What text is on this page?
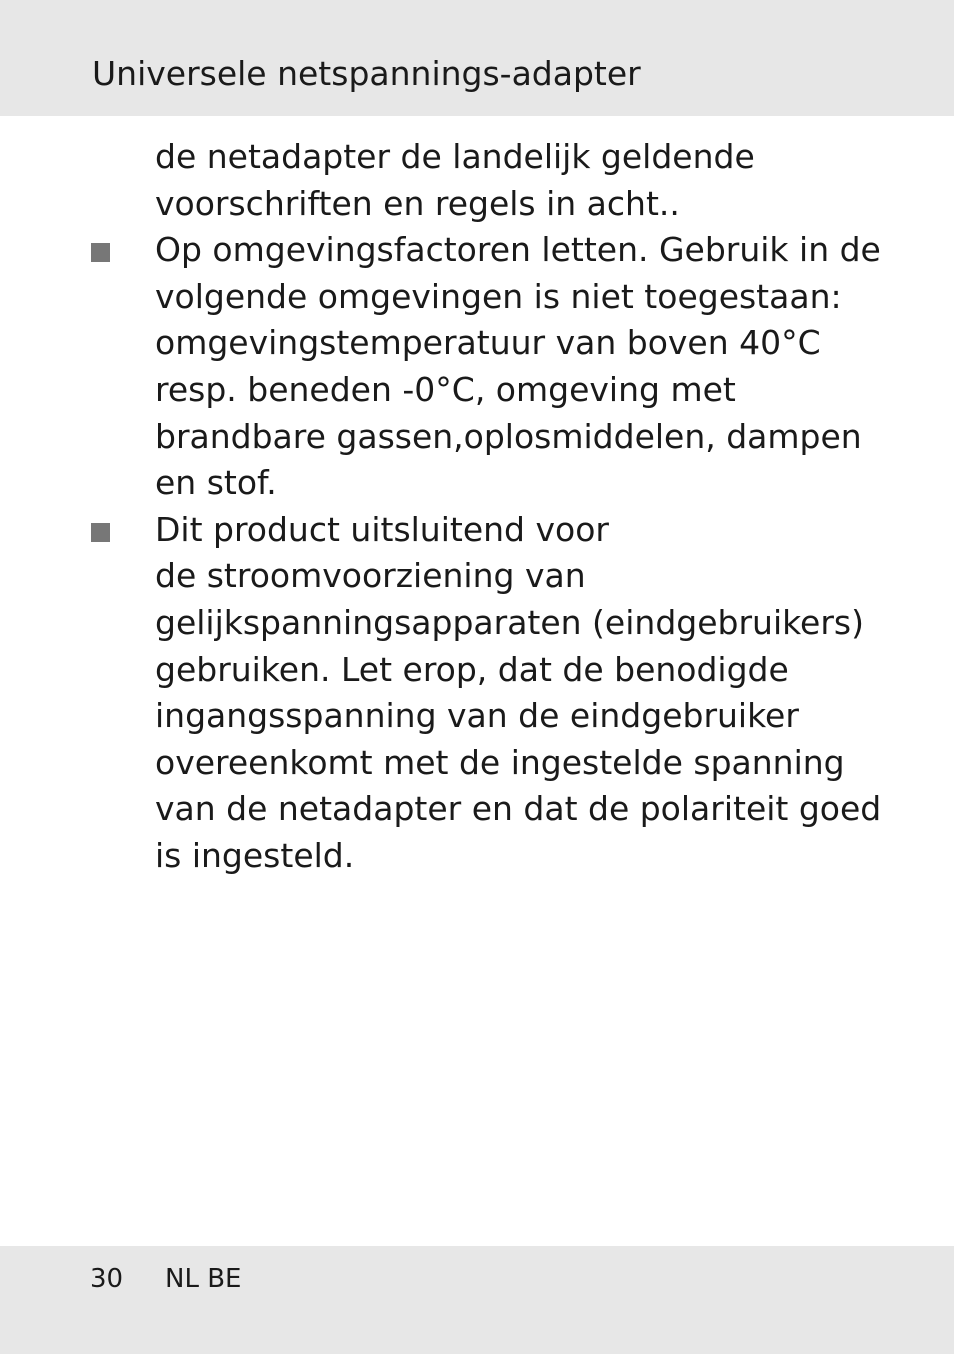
Universele netspannings-adapter
de netadapter de landelijk geldende
voorschriften en regels in acht..
Op omgevingsfactoren letten. Gebruik in de
volgende omgevingen is niet toegestaan:
omgevingstemperatuur van boven 40°C
resp. beneden -0°C, omgeving met
brandbare gassen,oplosmiddelen, dampen
en stof.
Dit product uitsluitend voor
de stroomvoorziening van
gelijkspanningsapparaten (eindgebruikers)
gebruiken. Let erop, dat de benodigde
ingangsspanning van de eindgebruiker
overeenkomt met de ingestelde spanning
van de netadapter en dat de polariteit goed
is ingesteld.
30 NL BE
